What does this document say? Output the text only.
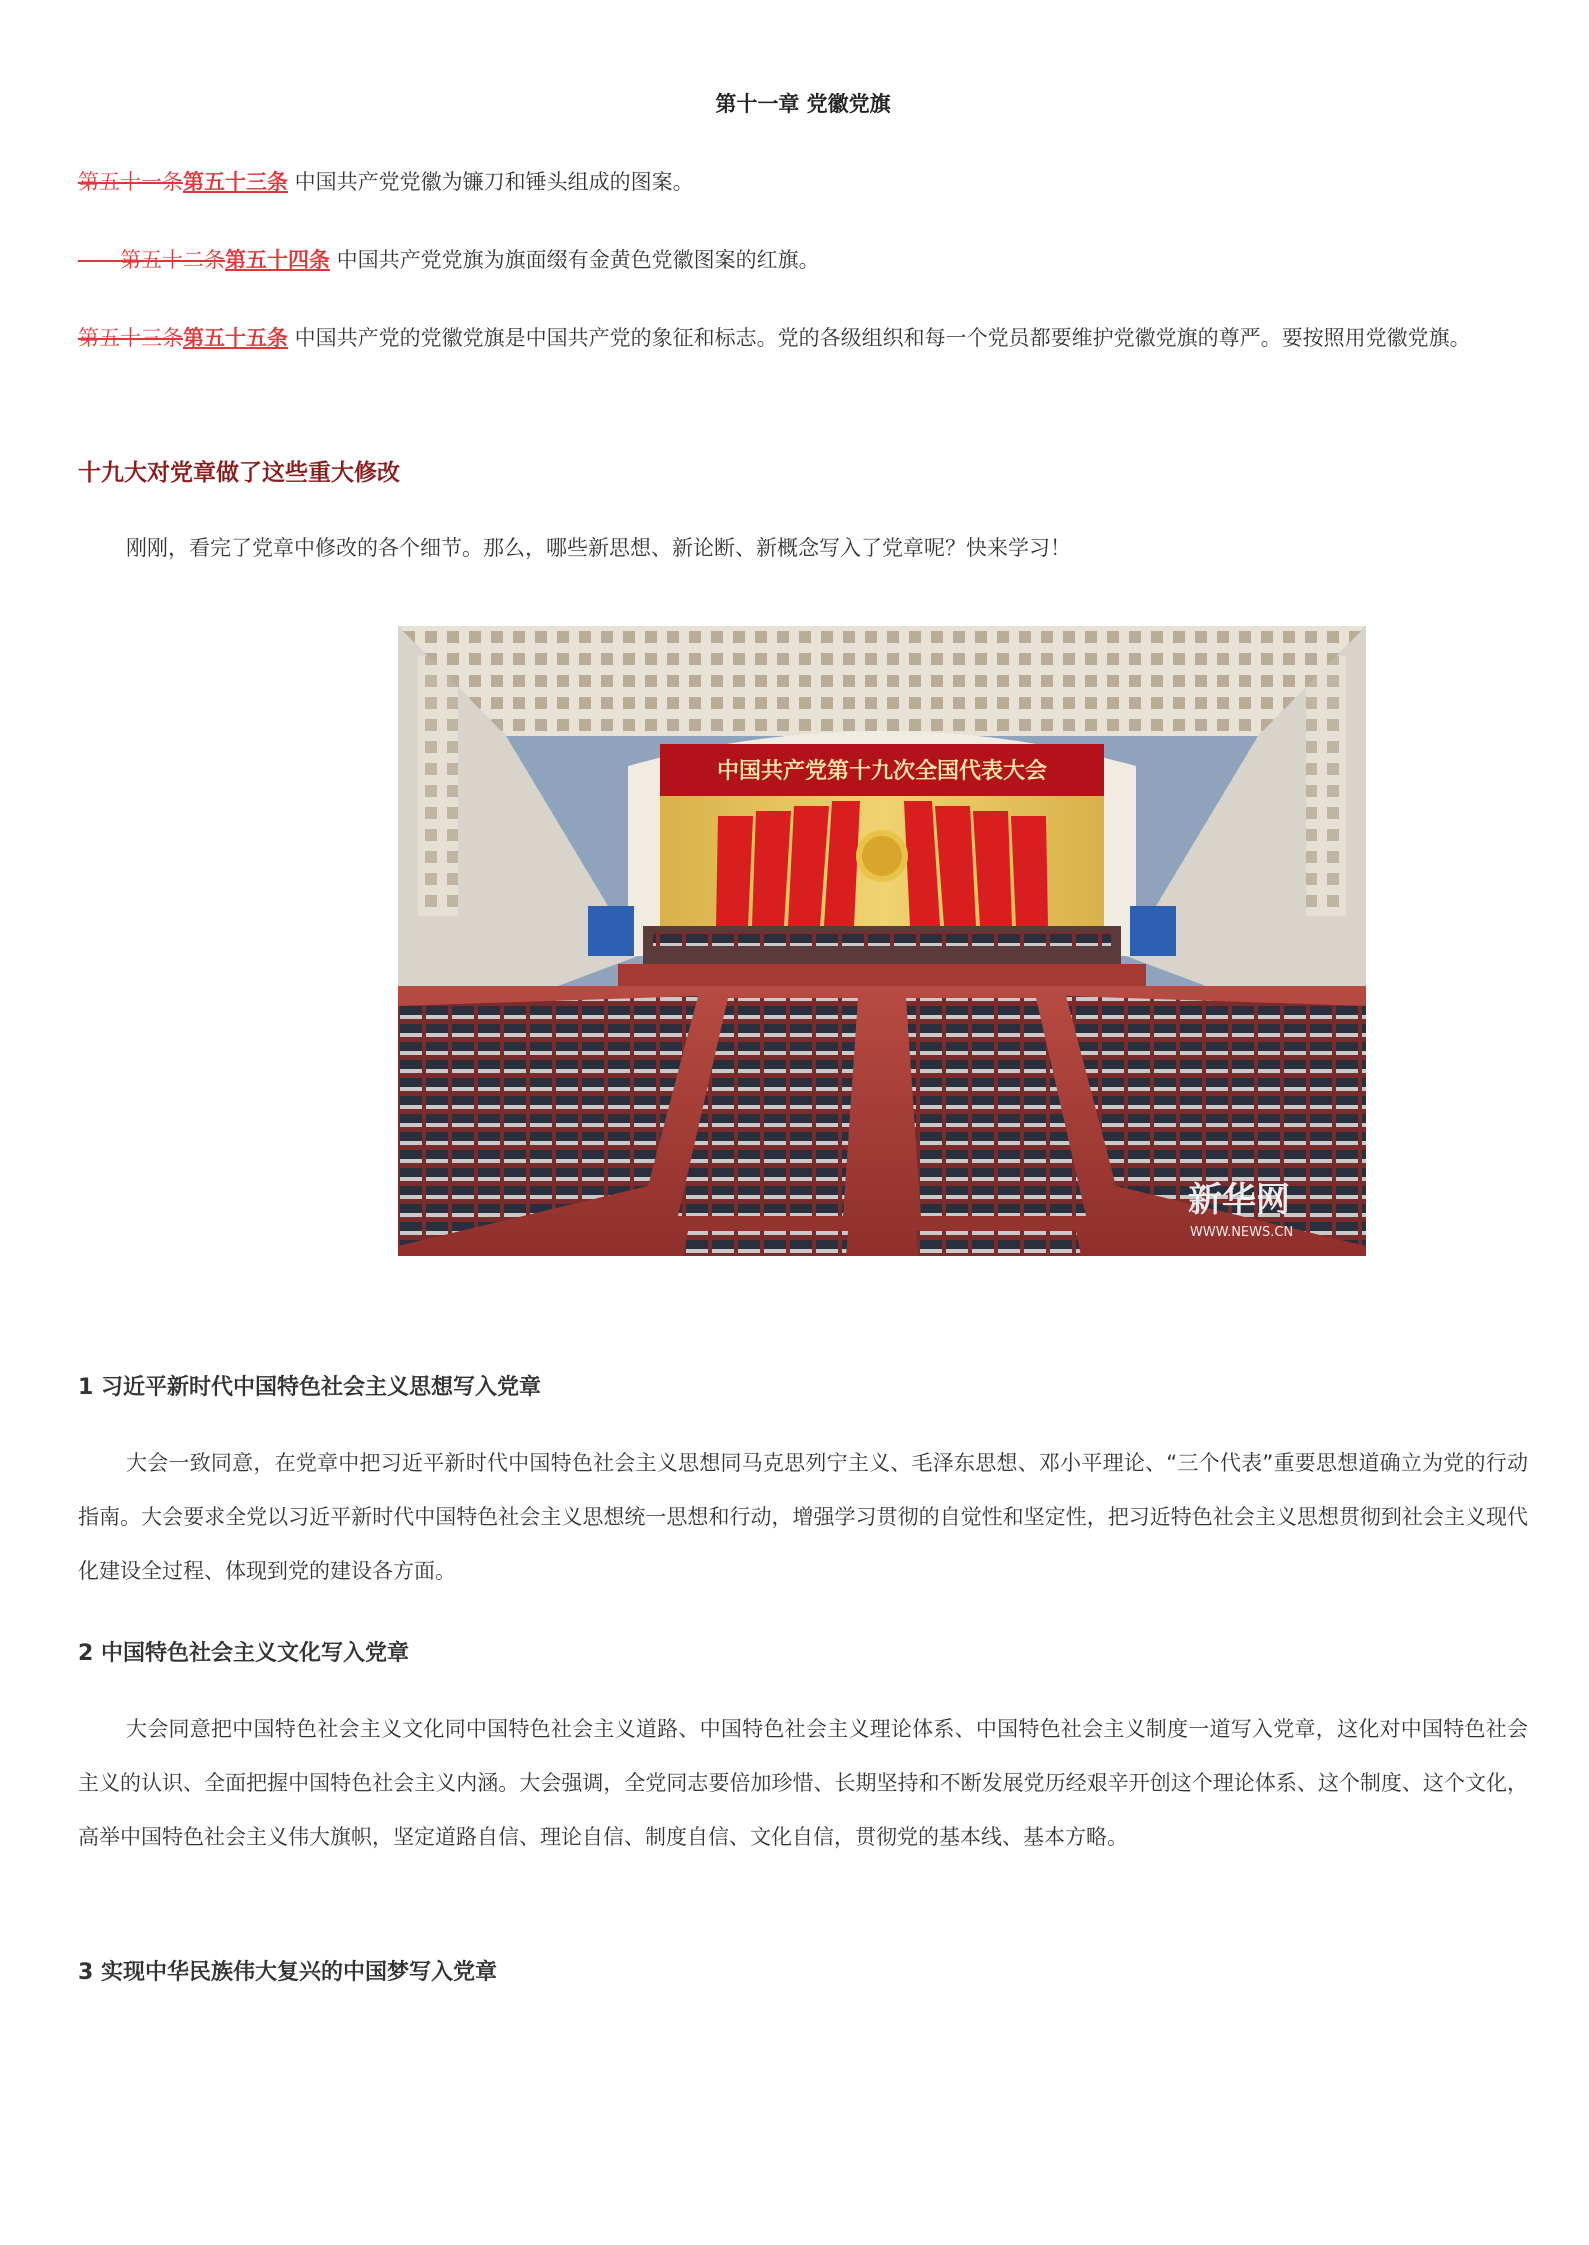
第十一章 党徽党旗
第五十一条第五十三条 中国共产党党徽为镰刀和锤头组成的图案。
——第五十二条第五十四条 中国共产党党旗为旗面缀有金黄色党徽图案的红旗。
第五十三条第五十五条 中国共产党的党徽党旗是中国共产党的象征和标志。党的各级组织和每一个党员都要维护党徽党旗的尊严。要按照用党徽党旗。
十九大对党章做了这些重大修改
刚刚，看完了党章中修改的各个细节。那么，哪些新思想、新论断、新概念写入了党章呢？快来学习！
中国共产党第十九次全国代表大会
新华网
WWW.NEWS.CN
1 习近平新时代中国特色社会主义思想写入党章
大会一致同意，在党章中把习近平新时代中国特色社会主义思想同马克思列宁主义、毛泽东思想、邓小平理论、“三个代表”重要思想道确立为党的行动指南。大会要求全党以习近平新时代中国特色社会主义思想统一思想和行动，增强学习贯彻的自觉性和坚定性，把习近特色社会主义思想贯彻到社会主义现代化建设全过程、体现到党的建设各方面。
2 中国特色社会主义文化写入党章
大会同意把中国特色社会主义文化同中国特色社会主义道路、中国特色社会主义理论体系、中国特色社会主义制度一道写入党章，这化对中国特色社会主义的认识、全面把握中国特色社会主义内涵。大会强调，全党同志要倍加珍惜、长期坚持和不断发展党历经艰辛开创这个理论体系、这个制度、这个文化，高举中国特色社会主义伟大旗帜，坚定道路自信、理论自信、制度自信、文化自信，贯彻党的基本线、基本方略。
3 实现中华民族伟大复兴的中国梦写入党章
